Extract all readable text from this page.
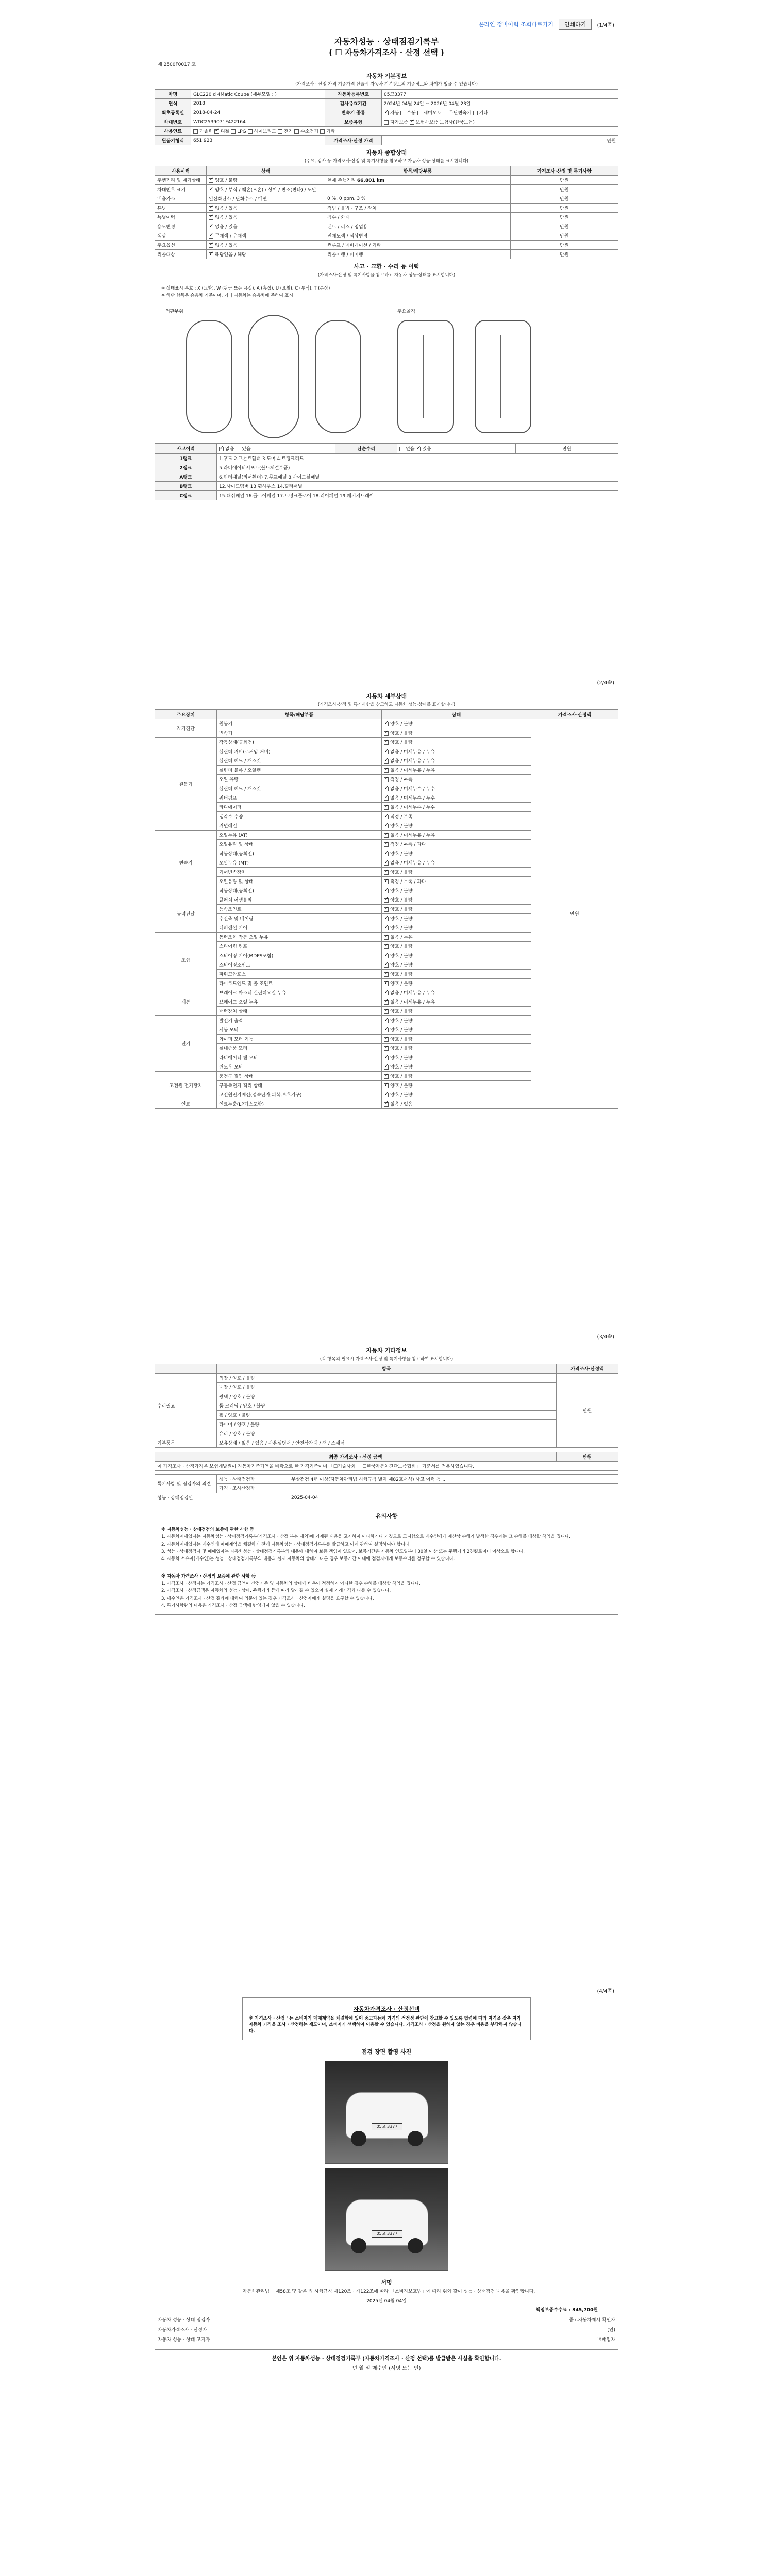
온라인 정비이력 조회바로가기	인쇄하기	(1/4쪽)
자동차성능 · 상태점검기록부
( ☐ 자동차가격조사 · 산정 선택 )
제 2500F0017 호
자동차 기본정보
(가격조사 · 산정 가격 기준가격 산출시 자동차 기본정보의 기준정보와 차이가 있을 수 있습니다)
차명	GLC220 d 4Matic Coupe (세부모델 : )	자동차등록번호	05고3377
연식	2018	검사유효기간	2024년 04월 24일 ~ 2026년 04월 23일
최초등록일	2018-04-24	변속기 종류	✓자동 수동 세미오토 무단변속기 기타
차대번호	WDC2539071F422164	보증유형	자가보증 ✓ 보험사보증 보험사(한국보험)
사용연료	가솔린 ✓ 디젤 LPG 하이브리드 전기 수소전기 기타
원동기형식	651 923	가격조사·산정 가격	만원
자동차 종합상태
(주요, 검사 등 가격조사·산정 및 특기사항을 참고하고 자동차 성능·상태를 표시합니다)
사용이력	상태	항목/해당부품	가격조사·산정 및 특기사항
주행거리 및 계기상태	✓양호 / 불량	현재 주행거리 66,801 km	만원
차대번호 표기	✓양호 / 부식 / 훼손(오손) / 상이 / 변조(변타) / 도말		만원
배출가스	일산화탄소 / 탄화수소 / 매연	0 %, 0 ppm, 3 %	만원
튜닝	✓없음 / 있음	적법 / 불법 · 구조 / 장치	만원
특별이력	✓없음 / 있음	침수 / 화재	만원
용도변경	✓없음 / 있음	렌트 / 리스 / 영업용	만원
색상	✓무채색 / 유채색	전체도색 / 색상변경	만원
주요옵션	✓없음 / 있음	썬루프 / 네비게이션 / 기타	만원
리콜대상	✓해당없음 / 해당	리콜이행 / 미이행	만원
사고 · 교환 · 수리 등 이력
(가격조사·산정 및 특기사항을 참고하고 자동차 성능·상태를 표시합니다)

※ 상태표시 부호 : X (교환), W (판금 또는 용접), A (흠집), U (요철), C (부식), T (손상)

※ 하단 항목은 승용차 기준이며, 기타 자동차는 승용차에 준하여 표시

외판부위	주요골격
사고이력	✓없음 있음	단순수리	없음 ✓ 있음	만원
1랭크	1.후드 2.프론트휀더 3.도어 4.트렁크리드
2랭크	5.라디에이터서포트(볼트체결부품)
A랭크	6.쿼터패널(리어휀더) 7.루프패널 8.사이드실패널
B랭크	12.사이드멤버 13.휠하우스 14.필러패널
C랭크	15.대쉬패널 16.플로어패널 17.트렁크플로어 18.리어패널 19.패키지트레이
(2/4쪽)
자동차 세부상태
(가격조사·산정 및 특기사항을 참고하고 자동차 성능·상태를 표시합니다)
주요장치	항목/해당부품	상태	가격조사·산정액
자기진단	원동기	✓양호 / 불량	만원
	변속기	✓양호 / 불량
원동기	작동상태(공회전)	✓양호 / 불량
	실린더 커버(로커암 커버)	✓없음 / 미세누유 / 누유
	실린더 헤드 / 개스킷	✓없음 / 미세누유 / 누유
	실린더 블록 / 오일팬	✓없음 / 미세누유 / 누유
	오일 유량	✓적정 / 부족
	실린더 헤드 / 개스킷	✓없음 / 미세누수 / 누수
	워터펌프	✓없음 / 미세누수 / 누수
	라디에이터	✓없음 / 미세누수 / 누수
	냉각수 수량	✓적정 / 부족
	커먼레일	✓양호 / 불량
변속기	오일누유 (AT)	✓없음 / 미세누유 / 누유
	오일유량 및 상태	✓적정 / 부족 / 과다
	작동상태(공회전)	✓양호 / 불량
	오일누유 (MT)	✓없음 / 미세누유 / 누유
	기어변속장치	✓양호 / 불량
	오일유량 및 상태	✓적정 / 부족 / 과다
	작동상태(공회전)	✓양호 / 불량
동력전달	클러치 어셈블리	✓양호 / 불량
	등속조인트	✓양호 / 불량
	추진축 및 베어링	✓양호 / 불량
	디퍼렌셜 기어	✓양호 / 불량
조향	동력조향 작동 오일 누유	✓없음 / 누유
	스티어링 펌프	✓양호 / 불량
	스티어링 기어(MDPS포함)	✓양호 / 불량
	스티어링조인트	✓양호 / 불량
	파워고압호스	✓양호 / 불량
	타이로드엔드 및 볼 조인트	✓양호 / 불량
제동	브레이크 마스터 실린더오일 누유	✓없음 / 미세누유 / 누유
	브레이크 오일 누유	✓없음 / 미세누유 / 누유
	배력장치 상태	✓양호 / 불량
전기	발전기 출력	✓양호 / 불량
	시동 모터	✓양호 / 불량
	와이퍼 모터 기능	✓양호 / 불량
	실내송풍 모터	✓양호 / 불량
	라디에이터 팬 모터	✓양호 / 불량
	윈도우 모터	✓양호 / 불량
고전원 전기장치	충전구 절연 상태	✓양호 / 불량
	구동축전지 격리 상태	✓양호 / 불량
	고전원전기배선(접속단자,피복,보호기구)	✓양호 / 불량
연료	연료누출(LP가스포함)	✓없음 / 있음
(3/4쪽)
자동차 기타정보
(각 항목의 필요시 가격조사·산정 및 특기사항을 참고하여 표시합니다)
	항목	가격조사·산정액
수리필요	외장 / 양호 / 불량	만원
	내장 / 양호 / 불량	
	광택 / 양호 / 불량	
	룸 크리닝 / 양호 / 불량	
	휠 / 양호 / 불량	
	타이어 / 양호 / 불량	
	유리 / 양호 / 불량	
기본품목	보유상태 / 없음 / 있음 / 사용설명서 / 안전삼각대 / 잭 / 스패너	
최종 가격조사 · 산정 금액	만원
이 가격조사 · 산정가격은 보험개발원이 자동차기준가액을 바탕으로 한 가격기준이며 「☐기술사회」「☐한국자동차진단보증협회」 기준서를 적용하였습니다.
특기사항 및 점검자의 의견	성능 · 상태점검자	무상점검 4년 이상(자동차관리법 시행규칙 별지 제82호서식) 사고 이력 등 ...
	가격 · 조사산정자	
성능 · 상태점검일		2025-04-04
유의사항

※ 자동차성능 · 상태점검의 보증에 관한 사항 등

1. 자동차매매업자는 자동차성능 · 상태점검기록부(가격조사 · 산정 부분 제외)에 기재된 내용을 고지하지 아니하거나 거짓으로 고지함으로 매수인에게 재산상 손해가 발생한 경우에는 그 손해를 배상할 책임을 집니다.

2. 자동차매매업자는 매수인과 매매계약을 체결하기 전에 자동차성능 · 상태점검기록부를 발급하고 이에 관하여 설명하여야 합니다.

3. 성능 · 상태점검자 및 매매업자는 자동차성능 · 상태점검기록부의 내용에 대하여 보증 책임이 있으며, 보증기간은 자동차 인도일부터 30일 이상 또는 주행거리 2천킬로미터 이상으로 합니다.

4. 자동차 소유자(매수인)는 성능 · 상태점검기록부의 내용과 실제 자동차의 상태가 다른 경우 보증기간 이내에 점검자에게 보증수리를 청구할 수 있습니다.

※ 자동차 가격조사 · 산정의 보증에 관한 사항 등

1. 가격조사 · 산정자는 가격조사 · 산정 금액이 산정기준 및 자동차의 상태에 비추어 적정하지 아니한 경우 손해를 배상할 책임을 집니다.

2. 가격조사 · 산정금액은 자동차의 성능 · 상태, 주행거리 등에 따라 달라질 수 있으며 실제 거래가격과 다를 수 있습니다.

3. 매수인은 가격조사 · 산정 결과에 대하여 의문이 있는 경우 가격조사 · 산정자에게 설명을 요구할 수 있습니다.

4. 특기사항란의 내용은 가격조사 · 산정 금액에 반영되지 않을 수 있습니다.

(4/4쪽)
자동차가격조사 · 산정선택

※ 가격조사 · 산정 ' 는 소비자가 매매계약을 체결함에 있어 중고자동차 가격의 적정성 판단에 참고할 수 있도록 법령에 따라 자격을 갖춘 자가 자동차 가격을 조사 · 산정하는 제도이며, 소비자가 선택하여 이용할 수 있습니다. 가격조사 · 산정을 원하지 않는 경우 비용을 부담하지 않습니다.

점검 장면 촬영 사진
05고 3377
05고 3377
서명
「자동차관리법」 제58조 및 같은 법 시행규칙 제120조 · 제122조에 따라 「소비자보호법」에 따라 위와 같이 성능 · 상태점검 내용을 확인합니다.
2025년 04월 04일
책임보증수수료 : 345,700원
자동차 성능 · 상태 점검자	중고자동차제시 확인자
자동차가격조사 · 산정자	(인)
자동차 성능 · 상태 고지자	매매업자
본인은 위 자동차성능 · 상태점검기록부 (자동차가격조사 · 산정 선택)를 발급받은 사실을 확인합니다.
년 월 일 매수인 (서명 또는 인)
